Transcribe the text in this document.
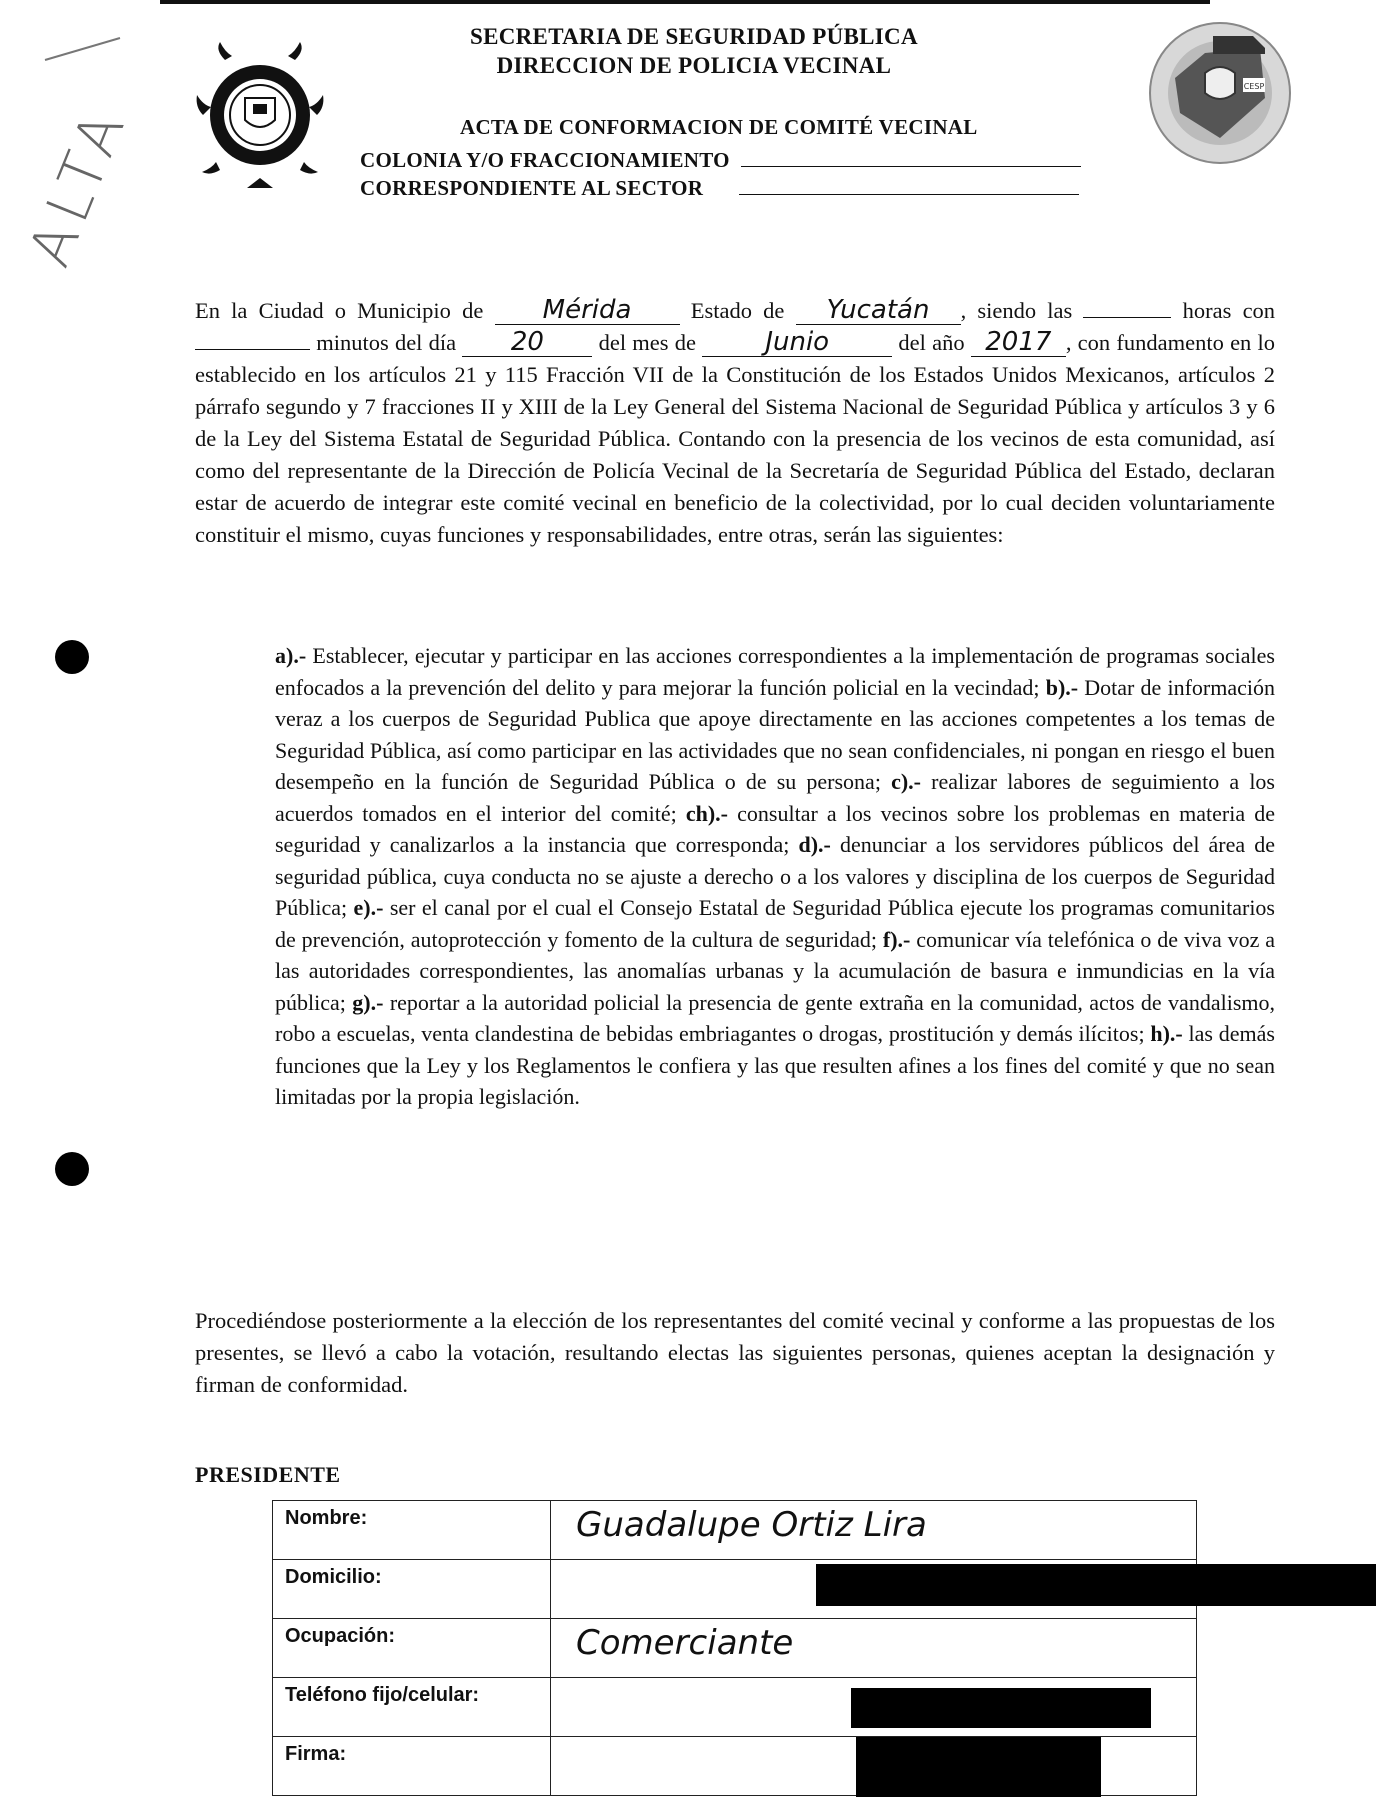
CESP
SECRETARIA DE SEGURIDAD PÚBLICA
DIRECCION DE POLICIA VECINAL
ACTA DE CONFORMACION DE COMITÉ VECINAL
COLONIA Y/O FRACCIONAMIENTO
CORRESPONDIENTE AL SECTOR
ALTA
En la Ciudad o Municipio de Mérida	Estado de Yucatán , siendo las	horas con  minutos del día 20 del mes de	Junio	del año 2017 , con fundamento en lo establecido en los artículos 21 y 115 Fracción VII de la Constitución de los Estados Unidos Mexicanos, artículos 2 párrafo segundo y 7 fracciones II y XIII de la Ley General del Sistema Nacional de Seguridad Pública y artículos 3 y 6 de la Ley del Sistema Estatal de Seguridad Pública. Contando con la presencia de los vecinos de esta comunidad, así como del representante de la Dirección de Policía Vecinal de la Secretaría de Seguridad Pública del Estado, declaran estar de acuerdo de integrar este comité vecinal en beneficio de la colectividad, por lo cual deciden voluntariamente constituir el mismo, cuyas funciones y responsabilidades, entre otras, serán las siguientes:
a).- Establecer, ejecutar y participar en las acciones correspondientes a la implementación de programas sociales enfocados a la prevención del delito y para mejorar la función policial en la vecindad; b).- Dotar de información veraz a los cuerpos de Seguridad Publica que apoye directamente en las acciones competentes a los temas de Seguridad Pública, así como participar en las actividades que no sean confidenciales, ni pongan en riesgo el buen desempeño en la función de Seguridad Pública o de su persona; c).- realizar labores de seguimiento a los acuerdos tomados en el interior del comité; ch).- consultar a los vecinos sobre los problemas en materia de seguridad y canalizarlos a la instancia que corresponda; d).- denunciar a los servidores públicos del área de seguridad pública, cuya conducta no se ajuste a derecho o a los valores y disciplina de los cuerpos de Seguridad Pública; e).- ser el canal por el cual el Consejo Estatal de Seguridad Pública ejecute los programas comunitarios de prevención, autoprotección y fomento de la cultura de seguridad; f).- comunicar vía telefónica o de viva voz a las autoridades correspondientes, las anomalías urbanas y la acumulación de basura e inmundicias en la vía pública; g).- reportar a la autoridad policial la presencia de gente extraña en la comunidad, actos de vandalismo, robo a escuelas, venta clandestina de bebidas embriagantes o drogas, prostitución y demás ilícitos; h).- las demás funciones que la Ley y los Reglamentos le confiera y las que resulten afines a los fines del comité y que no sean limitadas por la propia legislación.
Procediéndose posteriormente a la elección de los representantes del comité vecinal y conforme a las propuestas de los presentes, se llevó a cabo la votación, resultando electas las siguientes personas, quienes aceptan la designación y firman de conformidad.
PRESIDENTE
Nombre:	Guadalupe Ortiz Lira

Domicilio:	

Ocupación:	Comerciante

Teléfono fijo/celular:	

Firma:	
